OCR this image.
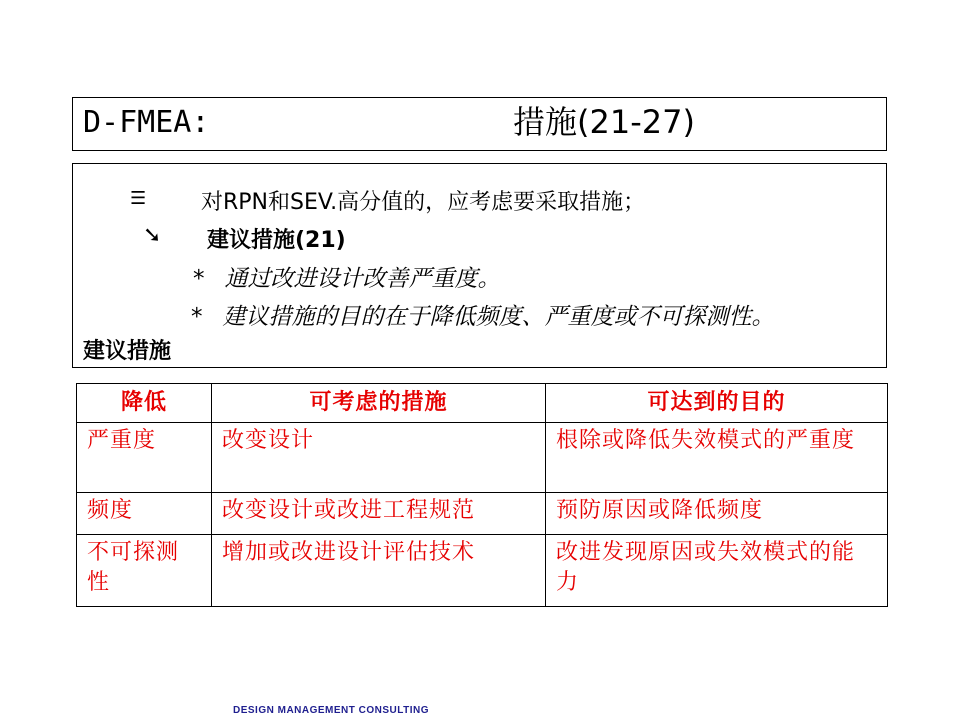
D-FMEA:	措施(21-27)
☰ 对RPN和SEV.高分值的，应考虑要采取措施；
➘ 建议措施(21)
* 通过改进设计改善严重度。
* 建议措施的目的在于降低频度、严重度或不可探测性。
建议措施
降低	可考虑的措施	可达到的目的
严重度	改变设计	根除或降低失效模式的严重度
频度	改变设计或改进工程规范	预防原因或降低频度
不可探测性	增加或改进设计评估技术	改进发现原因或失效模式的能力
DESIGN MANAGEMENT CONSULTING
